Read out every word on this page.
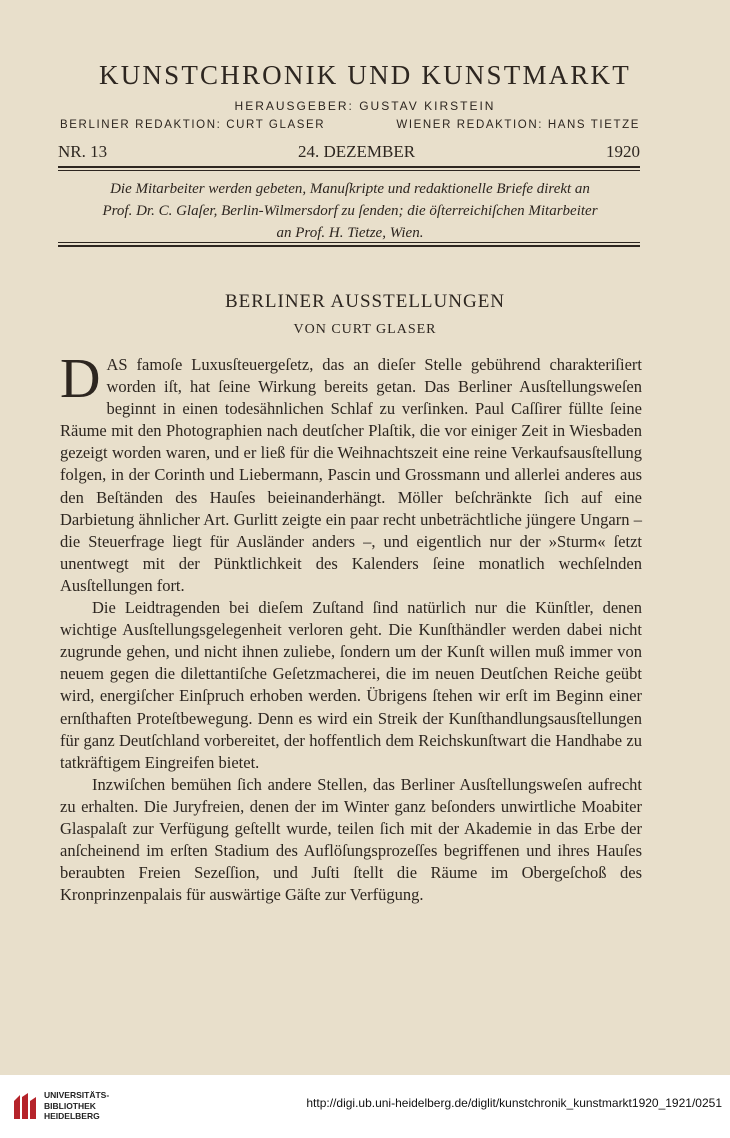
KUNSTCHRONIK UND KUNSTMARKT
HERAUSGEBER: GUSTAV KIRSTEIN
BERLINER REDAKTION: CURT GLASER	WIENER REDAKTION: HANS TIETZE
NR. 13	24. DEZEMBER	1920
Die Mitarbeiter werden gebeten, Manuſkripte und redaktionelle Briefe direkt an
Prof. Dr. C. Glaſer, Berlin-Wilmersdorf zu ſenden; die öſterreichiſchen Mitarbeiter
an Prof. H. Tietze, Wien.
BERLINER AUSSTELLUNGEN
VON CURT GLASER

DAS famoſe Luxusſteuergeſetz, das an dieſer Stelle gebührend charakteriſiert worden iſt, hat ſeine Wirkung bereits getan. Das Berliner Ausſtellungsweſen beginnt in einen todesähnlichen Schlaf zu verſinken. Paul Caſſirer füllte ſeine Räume mit den Photographien nach deutſcher Plaſtik, die vor einiger Zeit in Wiesbaden gezeigt worden waren, und er ließ für die Weihnachtszeit eine reine Verkaufsausſtellung folgen, in der Corinth und Liebermann, Pascin und Grossmann und allerlei anderes aus den Beſtänden des Hauſes beieinanderhängt. Möller beſchränkte ſich auf eine Darbietung ähnlicher Art. Gurlitt zeigte ein paar recht unbeträchtliche jüngere Ungarn – die Steuerfrage liegt für Ausländer anders –, und eigentlich nur der »Sturm« ſetzt unentwegt mit der Pünktlichkeit des Kalenders ſeine monatlich wechſelnden Ausſtellungen fort.

Die Leidtragenden bei dieſem Zuſtand ſind natürlich nur die Künſtler, denen wichtige Ausſtellungsgelegenheit verloren geht. Die Kunſthändler werden dabei nicht zugrunde gehen, und nicht ihnen zuliebe, ſondern um der Kunſt willen muß immer von neuem gegen die dilettantiſche Geſetzmacherei, die im neuen Deutſchen Reiche geübt wird, energiſcher Einſpruch erhoben werden. Übrigens ſtehen wir erſt im Beginn einer ernſthaften Proteſtbewegung. Denn es wird ein Streik der Kunſthandlungsausſtellungen für ganz Deutſchland vorbereitet, der hoffentlich dem Reichskunſtwart die Handhabe zu tatkräftigem Eingreifen bietet.

Inzwiſchen bemühen ſich andere Stellen, das Berliner Ausſtellungsweſen aufrecht zu erhalten. Die Juryfreien, denen der im Winter ganz beſonders unwirtliche Moabiter Glaspalaſt zur Verfügung geſtellt wurde, teilen ſich mit der Akademie in das Erbe der anſcheinend im erſten Stadium des Auflöſungsprozeſſes begriffenen und ihres Hauſes beraubten Freien Sezeſſion, und Juſti ſtellt die Räume im Obergeſchoß des Kronprinzenpalais für auswärtige Gäſte zur Verfügung.

UNIVERSITÄTS-
BIBLIOTHEK
HEIDELBERG
http://digi.ub.uni-heidelberg.de/diglit/kunstchronik_kunstmarkt1920_1921/0251
